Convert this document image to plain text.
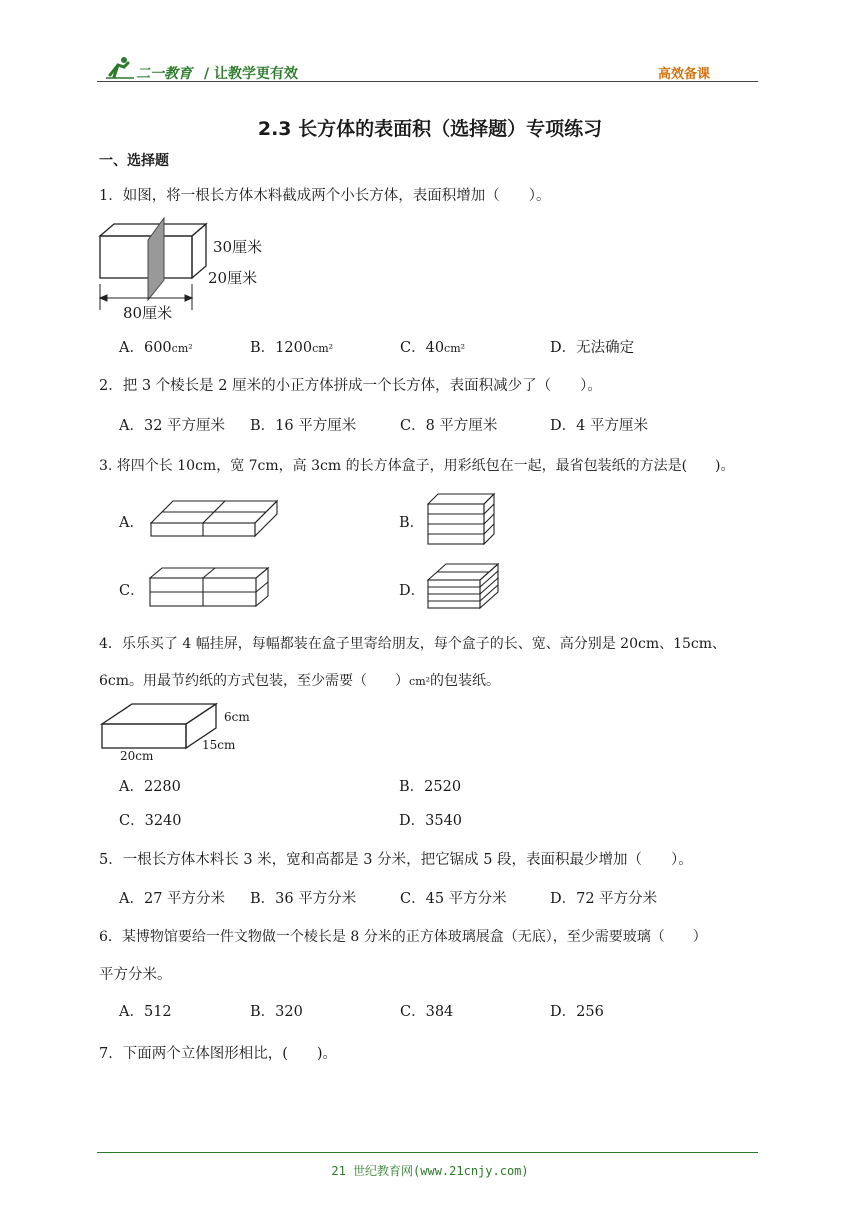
二一教育 / 让教学更有效	高效备课
2.3 长方体的表面积（选择题）专项练习
一、选择题
1．如图，将一根长方体木料截成两个小长方体，表面积增加（　　）。
30厘米
20厘米
80厘米
A．600cm²	B．1200cm²	C．40cm²	D．无法确定
2．把 3 个棱长是 2 厘米的小正方体拼成一个长方体，表面积减少了（　　）。
A．32 平方厘米 B．16 平方厘米	C．8 平方厘米	D．4 平方厘米
3. 将四个长 10cm，宽 7cm，高 3cm 的长方体盒子，用彩纸包在一起，最省包装纸的方法是(　　)。
A．	B．
C．	D．
4．乐乐买了 4 幅挂屏，每幅都装在盒子里寄给朋友，每个盒子的长、宽、高分别是 20cm、15cm、
6cm。用最节约纸的方式包装，至少需要（　　）cm²的包装纸。
6cm
15cm
20cm
A．2280	B．2520
C．3240	D．3540
5．一根长方体木料长 3 米，宽和高都是 3 分米，把它锯成 5 段，表面积最少增加（　　）。
A．27 平方分米 B．36 平方分米	C．45 平方分米	D．72 平方分米
6．某博物馆要给一件文物做一个棱长是 8 分米的正方体玻璃展盒（无底），至少需要玻璃（　　）
平方分米。
A．512	B．320	C．384	D．256
7．下面两个立体图形相比，(　　)。
21 世纪教育网(www.21cnjy.com)
